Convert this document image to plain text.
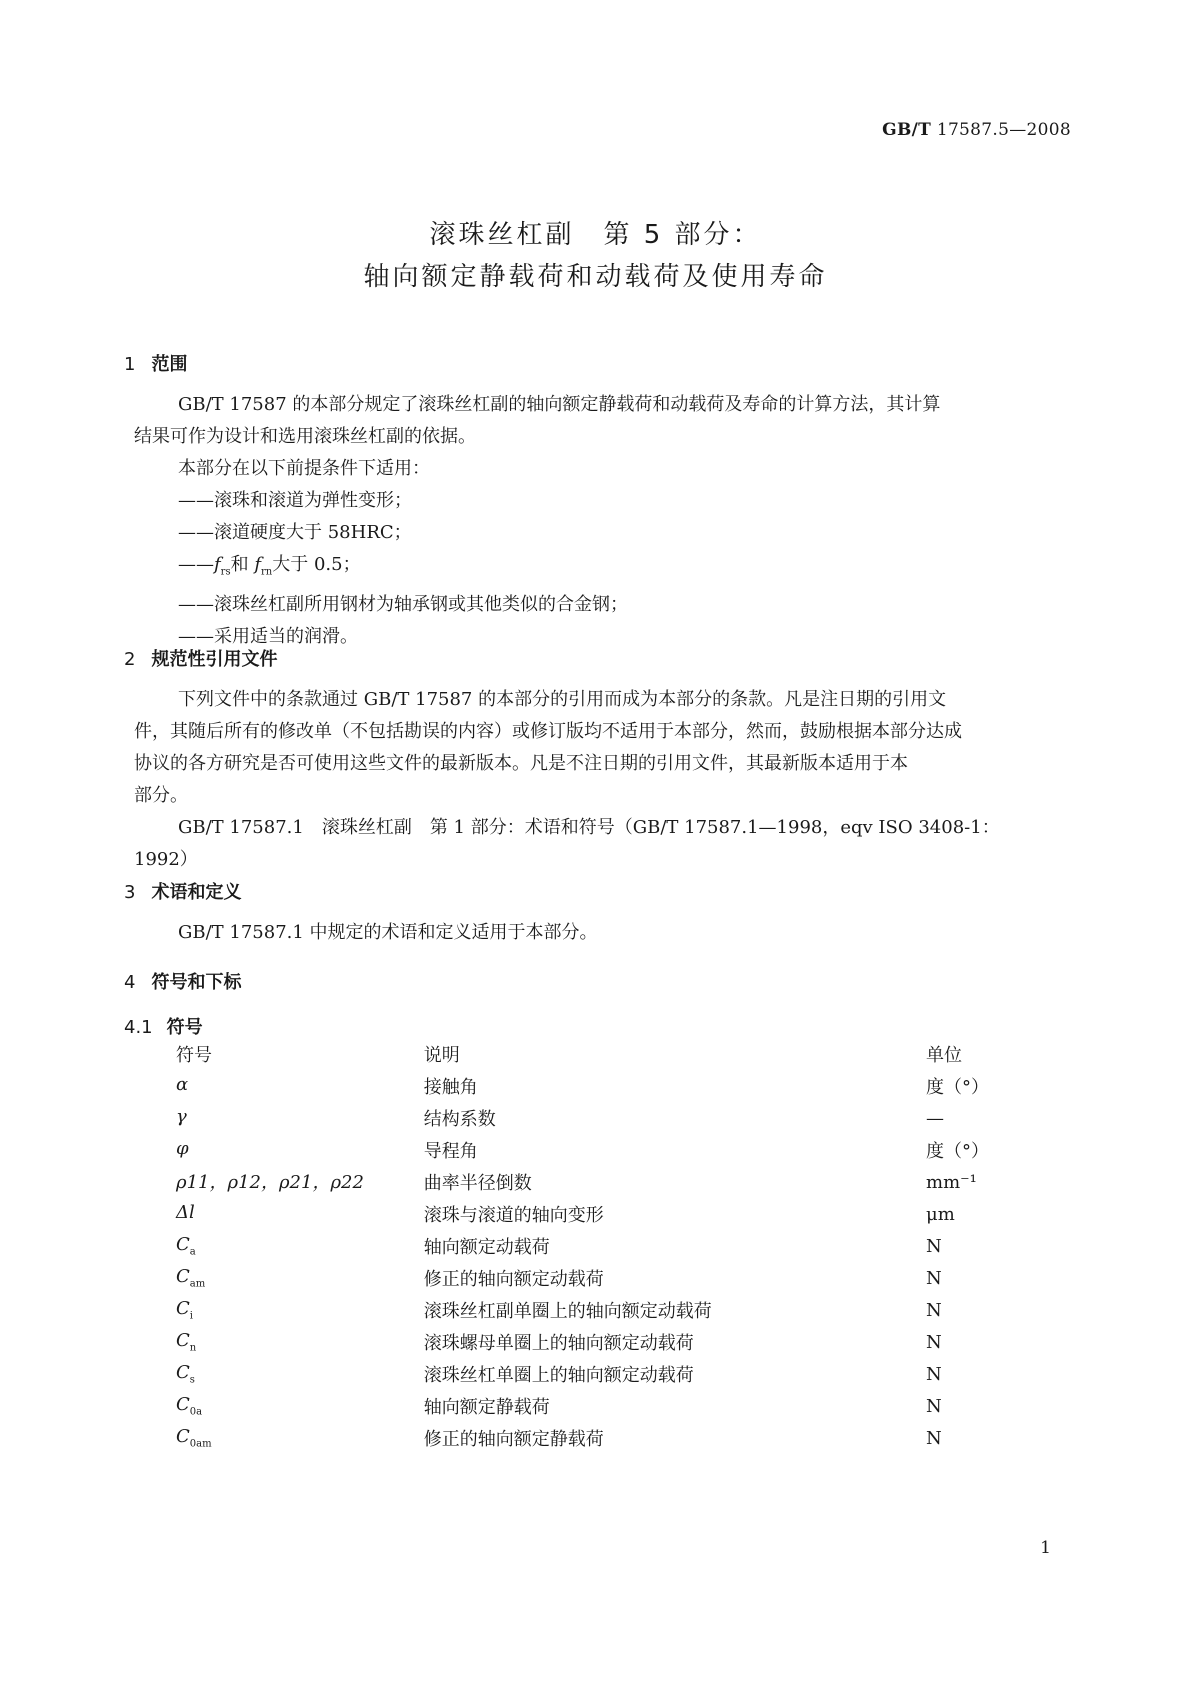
GB/T 17587.5—2008
滚珠丝杠副　第 5 部分：
轴向额定静载荷和动载荷及使用寿命
1 范围
GB/T 17587 的本部分规定了滚珠丝杠副的轴向额定静载荷和动载荷及寿命的计算方法，其计算
结果可作为设计和选用滚珠丝杠副的依据。
本部分在以下前提条件下适用：
——滚珠和滚道为弹性变形；
——滚道硬度大于 58HRC；
$——f_{rs}$和 $f_{rn}$大于 0.5；
——滚珠丝杠副所用钢材为轴承钢或其他类似的合金钢；
——采用适当的润滑。
2 规范性引用文件
下列文件中的条款通过 GB/T 17587 的本部分的引用而成为本部分的条款。凡是注日期的引用文
件，其随后所有的修改单（不包括勘误的内容）或修订版均不适用于本部分，然而，鼓励根据本部分达成
协议的各方研究是否可使用这些文件的最新版本。凡是不注日期的引用文件，其最新版本适用于本
部分。
GB/T 17587.1　滚珠丝杠副　第 1 部分：术语和符号（GB/T 17587.1—1998，eqv ISO 3408-1：
1992）
3 术语和定义
GB/T 17587.1 中规定的术语和定义适用于本部分。
4 符号和下标
4.1 符号
符号	说明	单位
α	接触角	度（°）
γ	结构系数	—
φ	导程角	度（°）
ρ11，ρ12，ρ21，ρ22	曲率半径倒数	mm⁻¹
Δl	滚珠与滚道的轴向变形	μm
$C_a$	轴向额定动载荷	N
$C_{am}$	修正的轴向额定动载荷	N
$C_i$	滚珠丝杠副单圈上的轴向额定动载荷	N
$C_n$	滚珠螺母单圈上的轴向额定动载荷	N
$C_s$	滚珠丝杠单圈上的轴向额定动载荷	N
$C_{0a}$	轴向额定静载荷	N
$C_{0am}$	修正的轴向额定静载荷	N
1
